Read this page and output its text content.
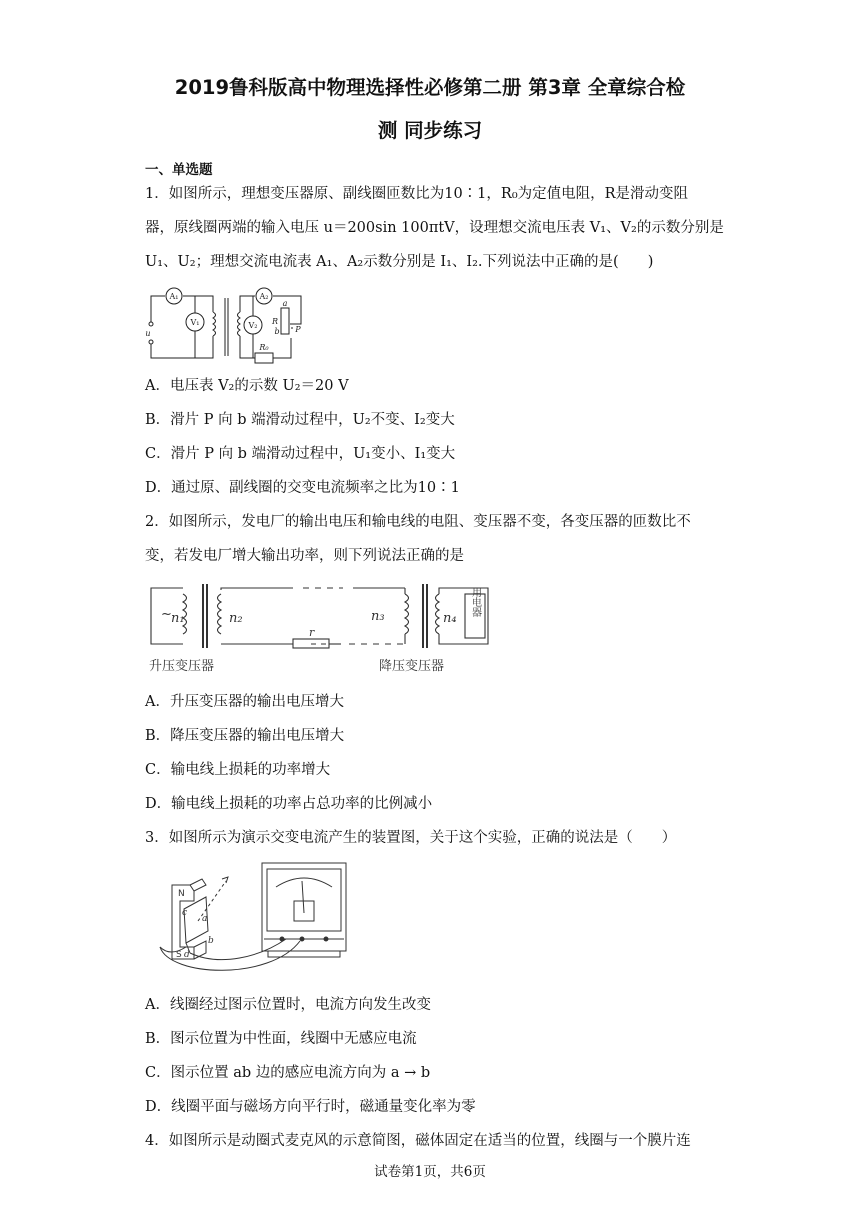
2019鲁科版高中物理选择性必修第二册 第3章 全章综合检
测 同步练习
一、单选题
1．如图所示，理想变压器原、副线圈匝数比为10∶1，R₀为定值电阻，R是滑动变阻
器，原线圈两端的输入电压 u＝200sin 100πtV，设理想交流电压表 V₁、V₂的示数分别是
U₁、U₂；理想交流电流表 A₁、A₂示数分别是 I₁、I₂.下列说法中正确的是(　　)
A₁
V₁	V₂
A₂
u
R
a
b P
R₀
A．电压表 V₂的示数 U₂＝20 V
B．滑片 P 向 b 端滑动过程中，U₂不变、I₂变大
C．滑片 P 向 b 端滑动过程中，U₁变小、I₁变大
D．通过原、副线圈的交变电流频率之比为10∶1
2．如图所示，发电厂的输出电压和输电线的电阻、变压器不变，各变压器的匝数比不
变，若发电厂增大输出功率，则下列说法正确的是
~ n₁	n₂
r
n₃	n₄
用电器
升压变压器	降压变压器
A．升压变压器的输出电压增大
B．降压变压器的输出电压增大
C．输电线上损耗的功率增大
D．输电线上损耗的功率占总功率的比例减小
3．如图所示为演示交变电流产生的装置图，关于这个实验，正确的说法是（　　）
N
S
a
b
c
d
A．线圈经过图示位置时，电流方向发生改变
B．图示位置为中性面，线圈中无感应电流
C．图示位置 ab 边的感应电流方向为 a → b
D．线圈平面与磁场方向平行时，磁通量变化率为零
4．如图所示是动圈式麦克风的示意简图，磁体固定在适当的位置，线圈与一个膜片连
试卷第1页，共6页
